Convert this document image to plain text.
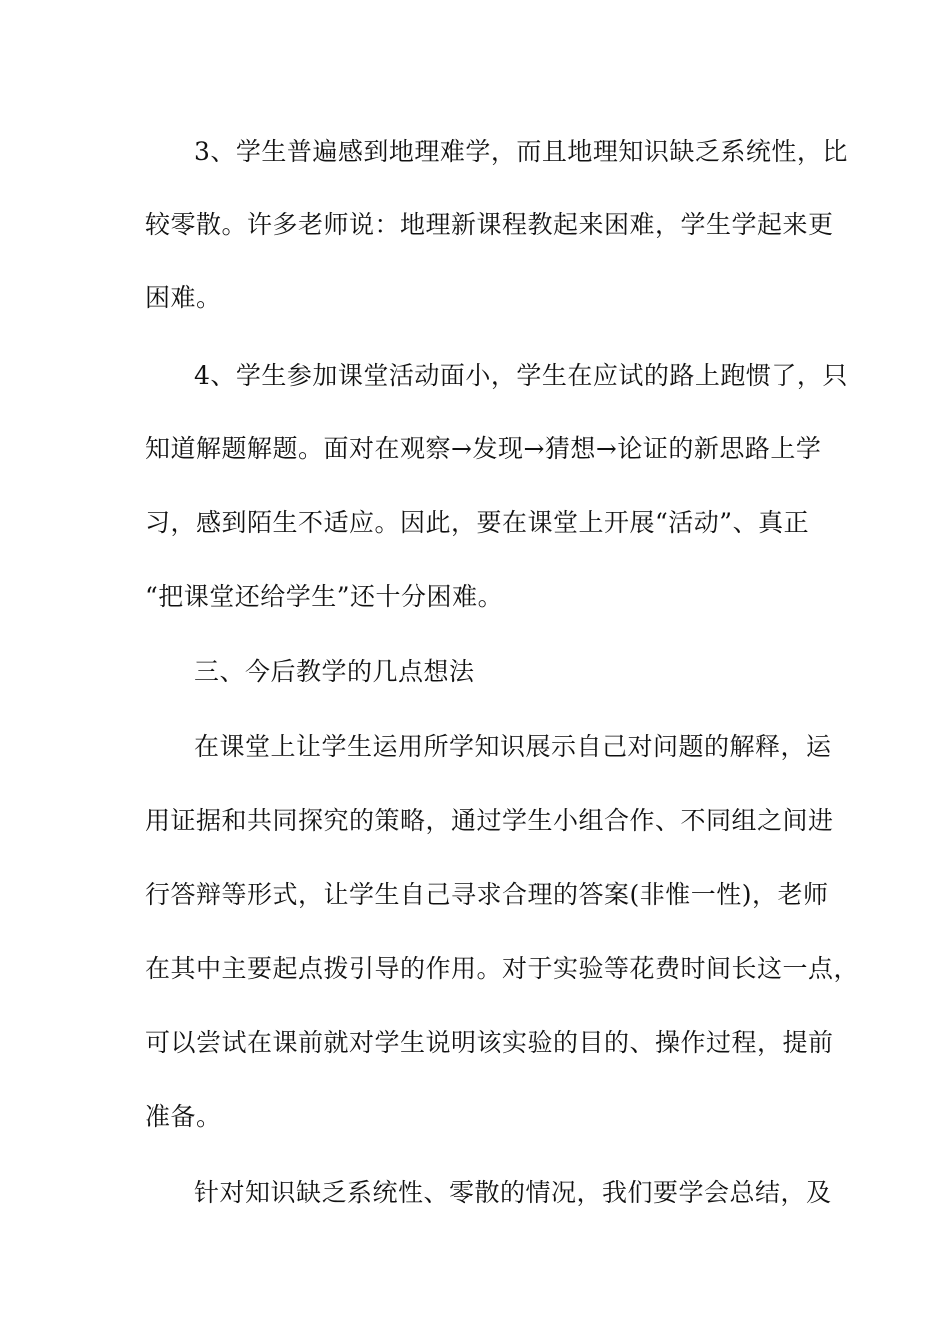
3、学生普遍感到地理难学，而且地理知识缺乏系统性，比
较零散。许多老师说：地理新课程教起来困难，学生学起来更
困难。
4、学生参加课堂活动面小，学生在应试的路上跑惯了，只
知道解题解题。面对在观察→发现→猜想→论证的新思路上学
习，感到陌生不适应。因此，要在课堂上开展“活动”、真正
“把课堂还给学生”还十分困难。
三、今后教学的几点想法
在课堂上让学生运用所学知识展示自己对问题的解释，运
用证据和共同探究的策略，通过学生小组合作、不同组之间进
行答辩等形式，让学生自己寻求合理的答案(非惟一性)，老师
在其中主要起点拨引导的作用。对于实验等花费时间长这一点，
可以尝试在课前就对学生说明该实验的目的、操作过程，提前
准备。
针对知识缺乏系统性、零散的情况，我们要学会总结，及
